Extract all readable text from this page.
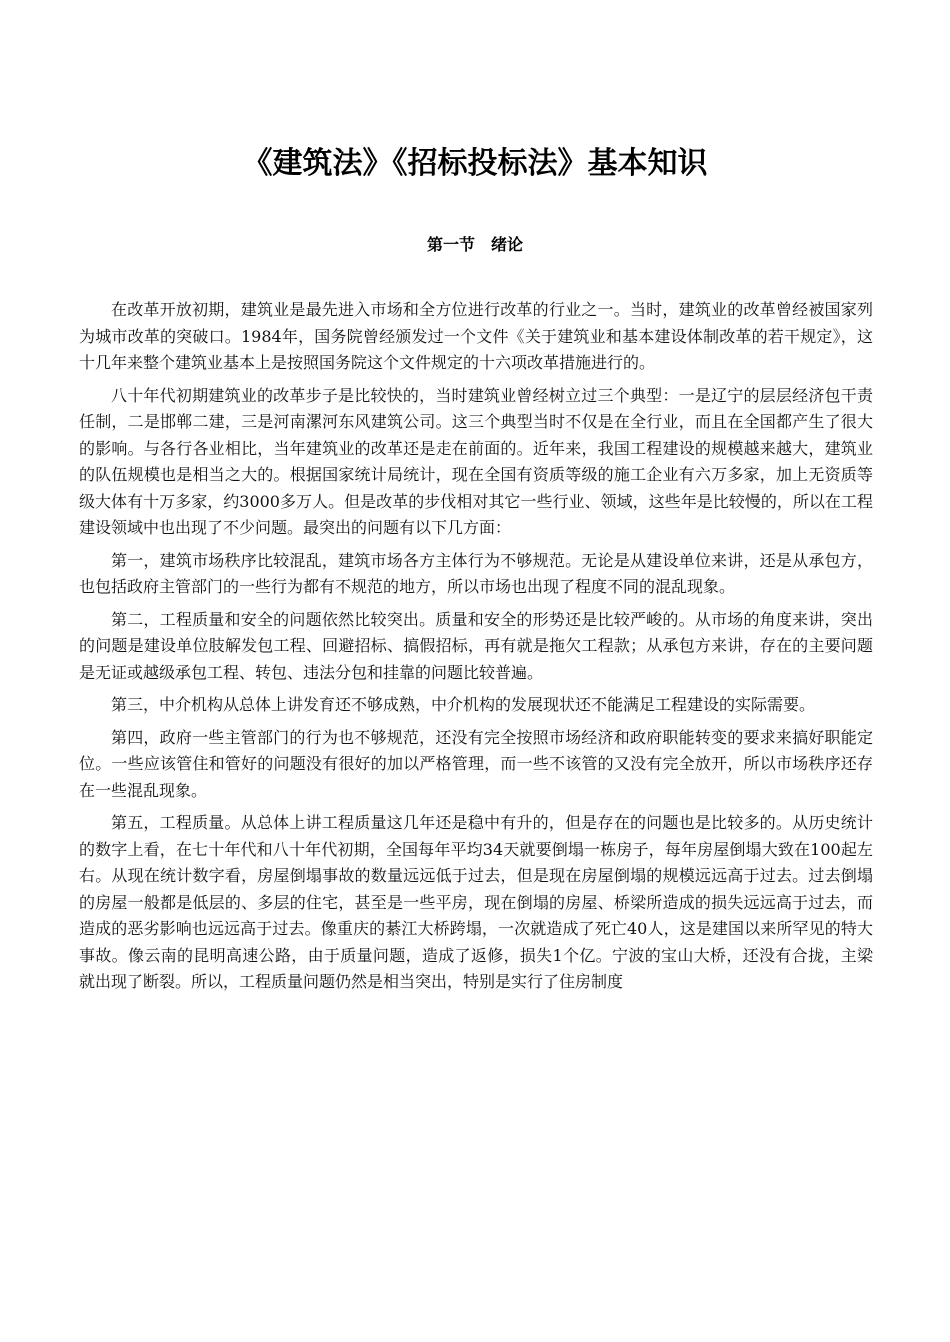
《建筑法》《招标投标法》基本知识
第一节　绪论

在改革开放初期，建筑业是最先进入市场和全方位进行改革的行业之一。当时，建筑业的改革曾经被国家列为城市改革的突破口。1984年，国务院曾经颁发过一个文件《关于建筑业和基本建设体制改革的若干规定》，这十几年来整个建筑业基本上是按照国务院这个文件规定的十六项改革措施进行的。

八十年代初期建筑业的改革步子是比较快的，当时建筑业曾经树立过三个典型：一是辽宁的层层经济包干责任制，二是邯郸二建，三是河南漯河东风建筑公司。这三个典型当时不仅是在全行业，而且在全国都产生了很大的影响。与各行各业相比，当年建筑业的改革还是走在前面的。近年来，我国工程建设的规模越来越大，建筑业的队伍规模也是相当之大的。根据国家统计局统计，现在全国有资质等级的施工企业有六万多家，加上无资质等级大体有十万多家，约3000多万人。但是改革的步伐相对其它一些行业、领域，这些年是比较慢的，所以在工程建设领域中也出现了不少问题。最突出的问题有以下几方面：

第一，建筑市场秩序比较混乱，建筑市场各方主体行为不够规范。无论是从建设单位来讲，还是从承包方，也包括政府主管部门的一些行为都有不规范的地方，所以市场也出现了程度不同的混乱现象。

第二，工程质量和安全的问题依然比较突出。质量和安全的形势还是比较严峻的。从市场的角度来讲，突出的问题是建设单位肢解发包工程、回避招标、搞假招标，再有就是拖欠工程款；从承包方来讲，存在的主要问题是无证或越级承包工程、转包、违法分包和挂靠的问题比较普遍。

第三，中介机构从总体上讲发育还不够成熟，中介机构的发展现状还不能满足工程建设的实际需要。

第四，政府一些主管部门的行为也不够规范，还没有完全按照市场经济和政府职能转变的要求来搞好职能定位。一些应该管住和管好的问题没有很好的加以严格管理，而一些不该管的又没有完全放开，所以市场秩序还存在一些混乱现象。

第五，工程质量。从总体上讲工程质量这几年还是稳中有升的，但是存在的问题也是比较多的。从历史统计的数字上看，在七十年代和八十年代初期，全国每年平均34天就要倒塌一栋房子，每年房屋倒塌大致在100起左右。从现在统计数字看，房屋倒塌事故的数量远远低于过去，但是现在房屋倒塌的规模远远高于过去。过去倒塌的房屋一般都是低层的、多层的住宅，甚至是一些平房，现在倒塌的房屋、桥梁所造成的损失远远高于过去，而造成的恶劣影响也远远高于过去。像重庆的綦江大桥跨塌，一次就造成了死亡40人，这是建国以来所罕见的特大事故。像云南的昆明高速公路，由于质量问题，造成了返修，损失1个亿。宁波的宝山大桥，还没有合拢，主梁就出现了断裂。所以，工程质量问题仍然是相当突出，特别是实行了住房制度
